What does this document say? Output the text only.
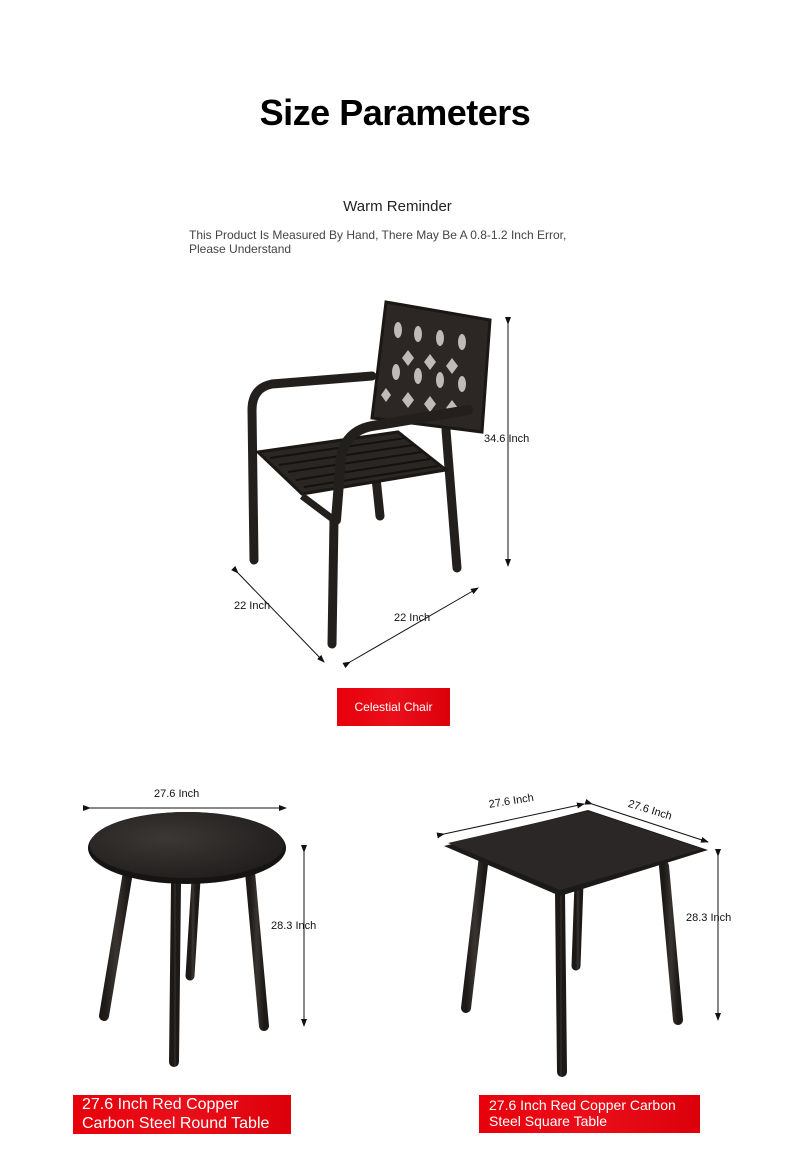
Size Parameters
Warm Reminder
This Product Is Measured By Hand, There May Be A 0.8-1.2 Inch Error, Please Understand
34.6 Inch
22 Inch
22 Inch
Celestial Chair
27.6 Inch
28.3 Inch
27.6 Inch Red Copper Carbon Steel Round Table
27.6 Inch	27.6 Inch
28.3 Inch
27.6 Inch Red Copper Carbon Steel Square Table
